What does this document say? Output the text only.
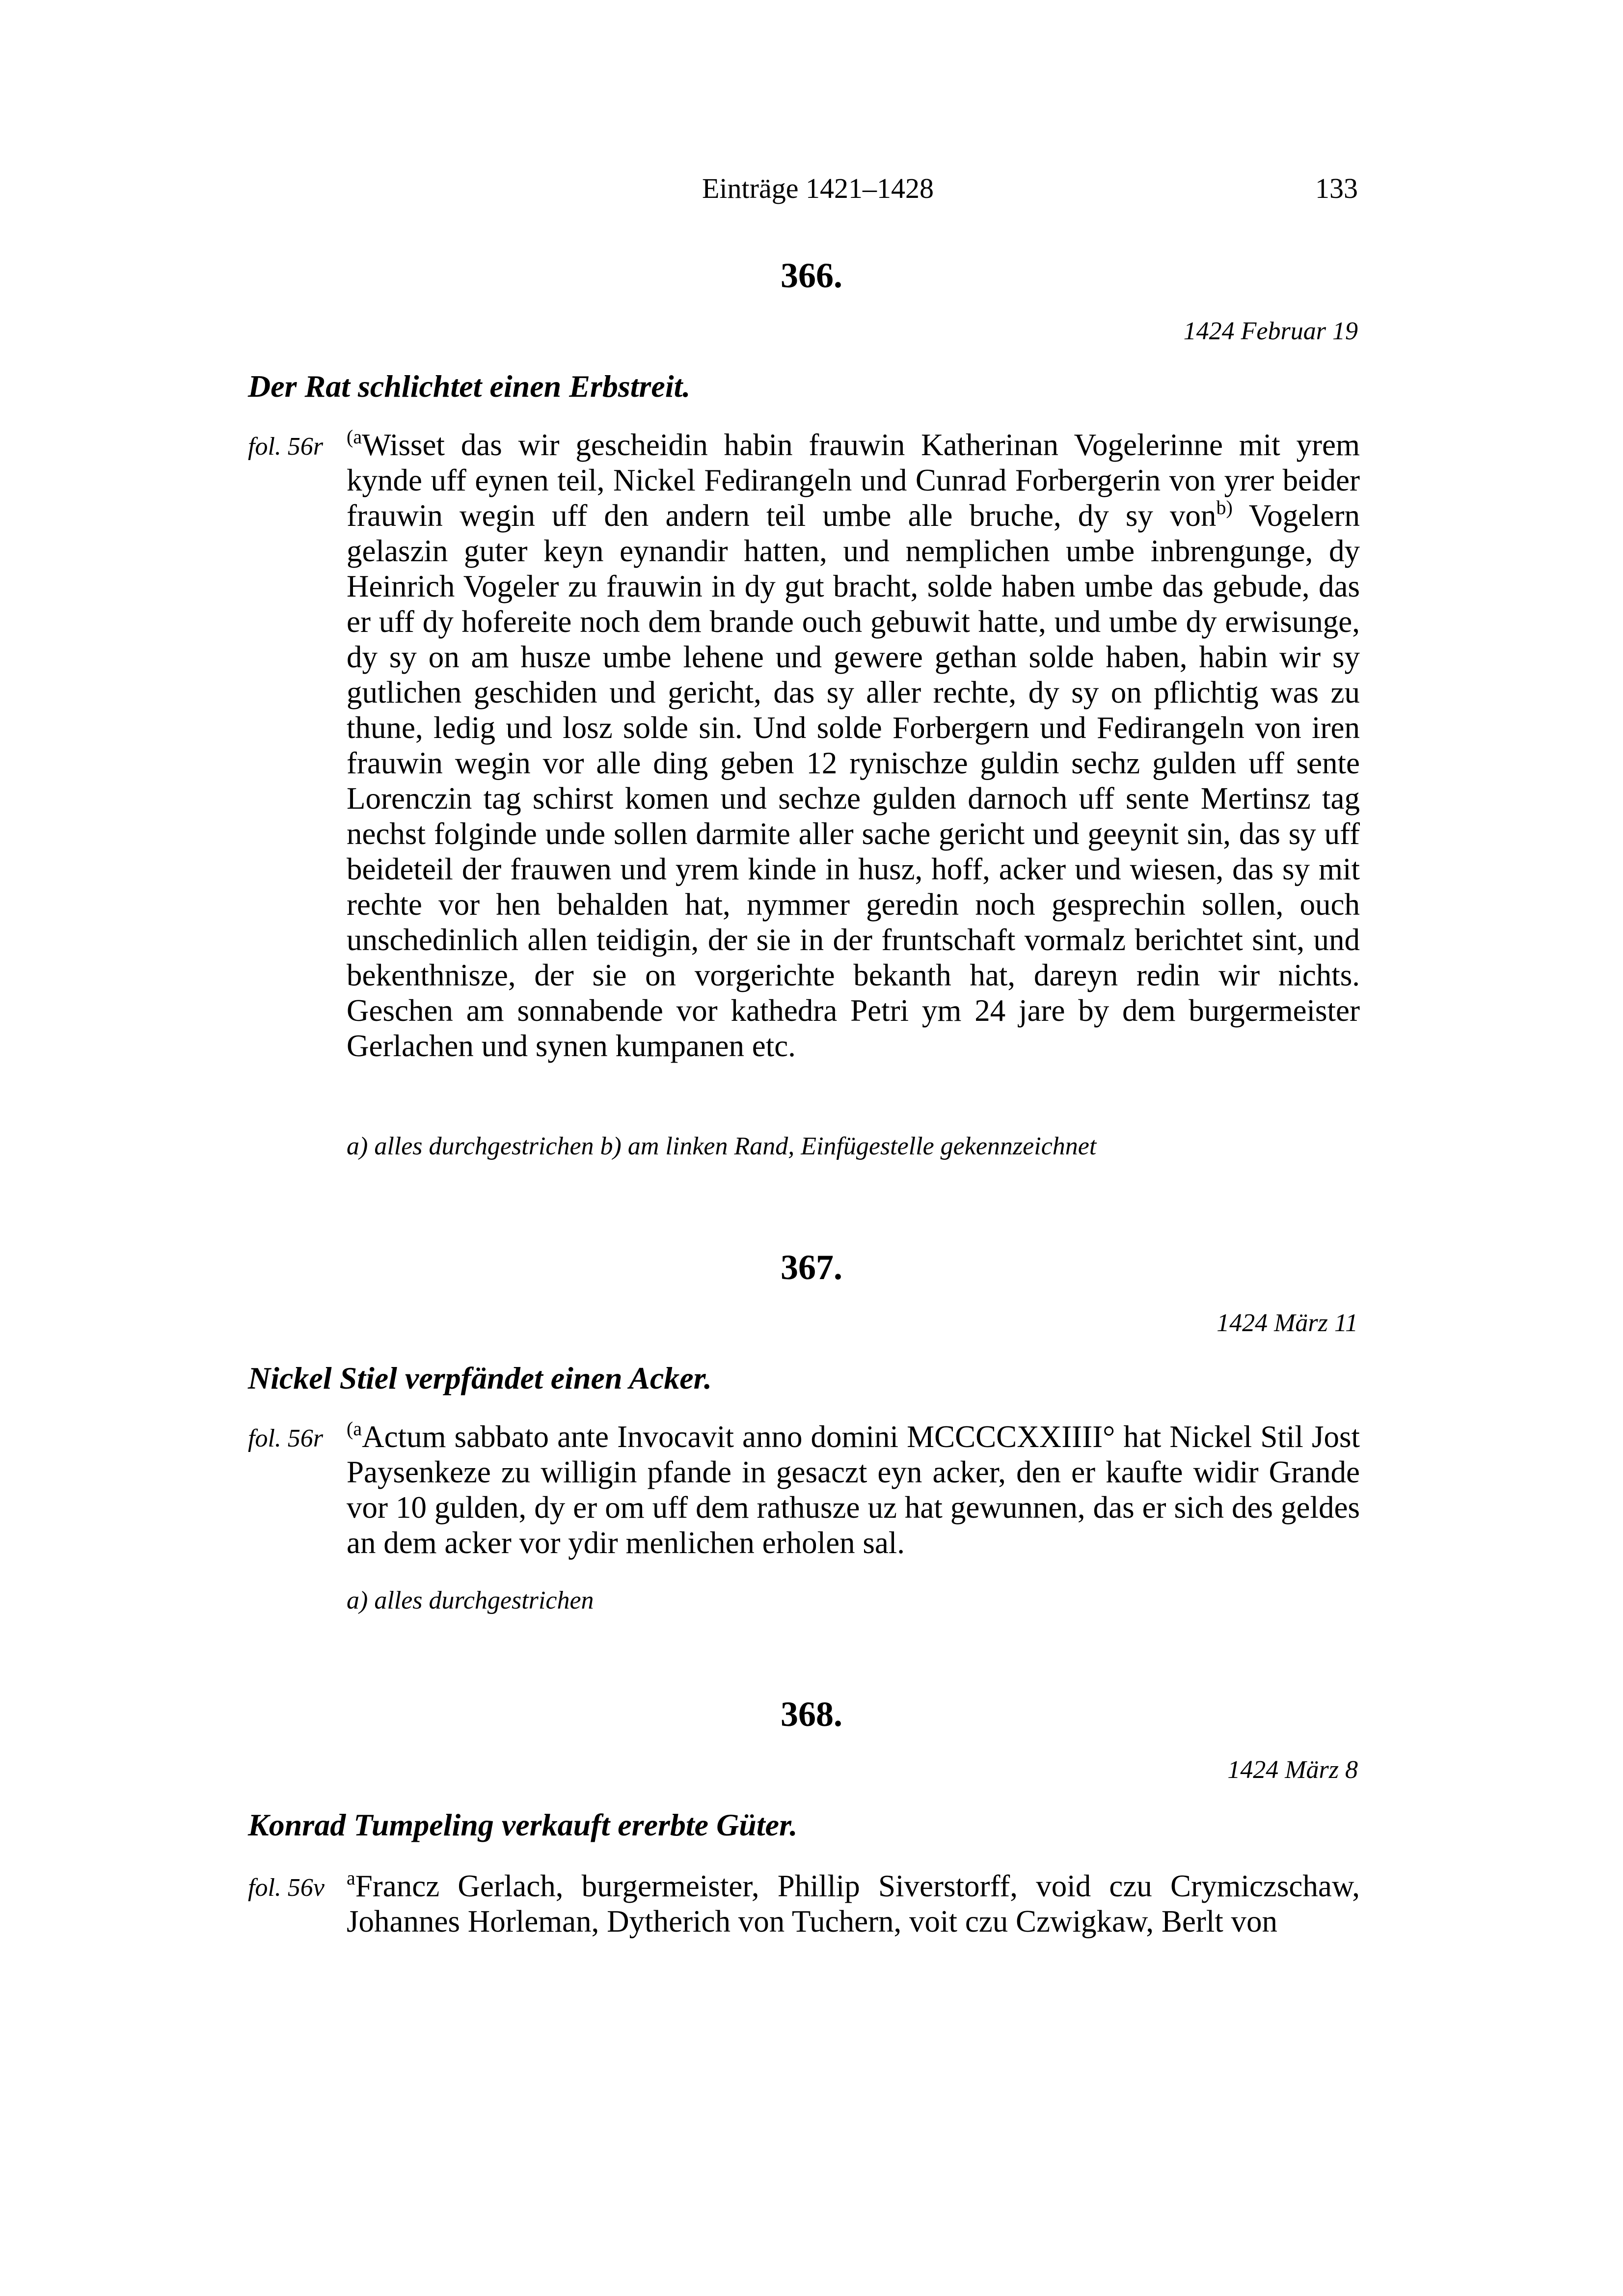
Einträge 1421–1428	133
366.
1424 Februar 19
Der Rat schlichtet einen Erbstreit.
fol. 56r $^{(a}$Wisset das wir gescheidin habin frauwin Katherinan Vogelerinne mit yrem kynde uff eynen teil, Nickel Fedirangeln und Cunrad Forbergerin von yrer beider frauwin wegin uff den andern teil umbe alle bruche, dy sy von$^{b)}$ Vogelern gelaszin guter keyn eynandir hatten, und nemplichen umbe inbrengunge, dy Heinrich Vogeler zu frauwin in dy gut bracht, solde haben umbe das gebude, das er uff dy hofereite noch dem brande ouch gebuwit hatte, und umbe dy erwisunge, dy sy on am husze umbe lehene und gewere gethan solde haben, habin wir sy gutlichen geschiden und gericht, das sy aller rechte, dy sy on pflichtig was zu thune, ledig und losz solde sin. Und solde Forbergern und Fedirangeln von iren frauwin wegin vor alle ding geben 12 rynischze guldin sechz gulden uff sente Lorenczin tag schirst komen und sechze gulden darnoch uff sente Mertinsz tag nechst folginde unde sollen darmite aller sache gericht und geeynit sin, das sy uff beideteil der frauwen und yrem kinde in husz, hoff, acker und wiesen, das sy mit rechte vor hen behalden hat, nymmer geredin noch gesprechin sollen, ouch unschedinlich allen teidigin, der sie in der fruntschaft vormalz berichtet sint, und bekenthnisze, der sie on vorgerichte bekanth hat, dareyn redin wir nichts. Geschen am sonnabende vor kathedra Petri ym 24 jare by dem burgermeister Gerlachen und synen kumpanen etc.
a) alles durchgestrichen b) am linken Rand, Einfügestelle gekennzeichnet
367.
1424 März 11
Nickel Stiel verpfändet einen Acker.
fol. 56r $^{(a}$Actum sabbato ante Invocavit anno domini MCCCCXXIIII° hat Nickel Stil Jost Paysenkeze zu willigin pfande in gesaczt eyn acker, den er kaufte widir Grande vor 10 gulden, dy er om uff dem rathusze uz hat gewunnen, das er sich des geldes an dem acker vor ydir menlichen erholen sal.
a) alles durchgestrichen
368.
1424 März 8
Konrad Tumpeling verkauft ererbte Güter.
fol. 56v $^a$Francz Gerlach, burgermeister, Phillip Siverstorff, void czu Crymiczschaw, Johannes Horleman, Dytherich von Tuchern, voit czu Czwigkaw, Berlt von
